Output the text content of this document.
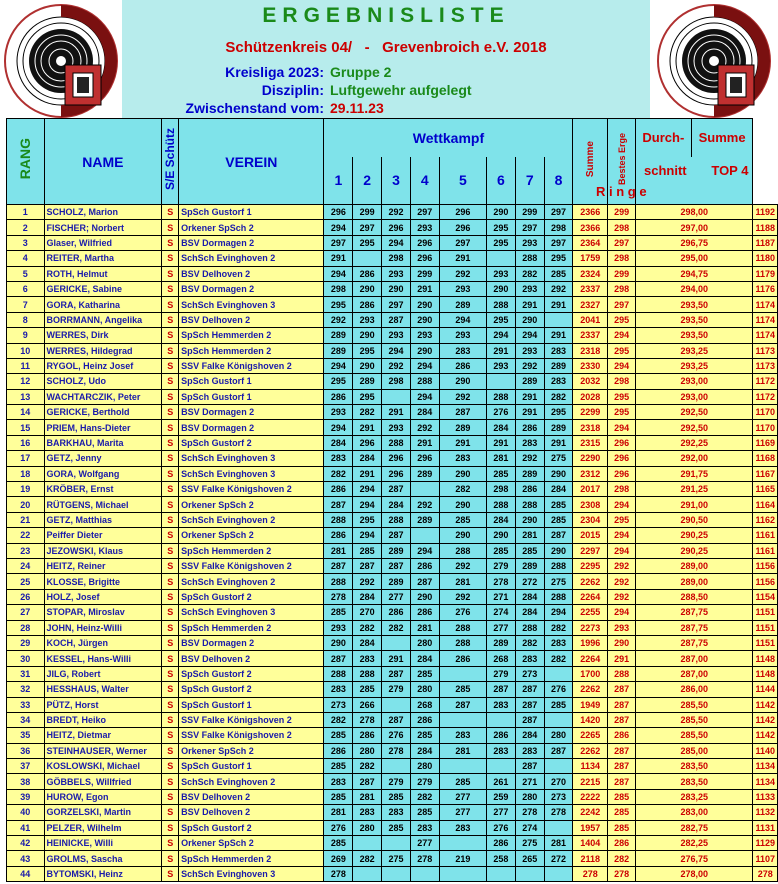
ERGEBNISLISTE
Schützenkreis 04/   -   Grevenbroich e.V. 2018
Kreisliga 2023: Gruppe 2
Disziplin: Luftgewehr aufgelegt
Zwischenstand vom: 29.11.23
RANG	NAME	S/E Schütz	VEREIN	Wettkampf								Summe	Bestes Erge	Durch-	Summe	
				1	2	3	4	5	6	7	8			schnitt TOP 4
R i n g e		

1	SCHOLZ, Marion	S	SpSch Gustorf 1	296	299	292	297	296	290	299	297	2366	299	298,00		1192
2	FISCHER; Norbert	S	Orkener SpSch 2	294	297	296	293	296	295	297	298	2366	298	297,00		1188
3	Glaser, Wilfried	S	BSV Dormagen 2	297	295	294	296	297	295	293	297	2364	297	296,75		1187
4	REITER, Martha	S	SchSch Evinghoven 2	291		298	296	291		288	295	1759	298	295,00		1180
5	ROTH, Helmut	S	BSV Delhoven 2	294	286	293	299	292	293	282	285	2324	299	294,75		1179
6	GERICKE, Sabine	S	BSV Dormagen 2	298	290	290	291	293	290	293	292	2337	298	294,00		1176
7	GORA, Katharina	S	SchSch Evinghoven 3	295	286	297	290	289	288	291	291	2327	297	293,50		1174
8	BORRMANN, Angelika	S	BSV Delhoven 2	292	293	287	290	294	295	290		2041	295	293,50		1174
9	WERRES, Dirk	S	SpSch Hemmerden 2	289	290	293	293	293	294	294	291	2337	294	293,50		1174
10	WERRES, Hildegrad	S	SpSch Hemmerden 2	289	295	294	290	283	291	293	283	2318	295	293,25		1173
11	RYGOL, Heinz Josef	S	SSV Falke Königshoven 2	294	290	292	294	286	293	292	289	2330	294	293,25		1173
12	SCHOLZ, Udo	S	SpSch Gustorf 1	295	289	298	288	290		289	283	2032	298	293,00		1172
13	WACHTARCZIK, Peter	S	SpSch Gustorf 1	286	295		294	292	288	291	282	2028	295	293,00		1172
14	GERICKE, Berthold	S	BSV Dormagen 2	293	282	291	284	287	276	291	295	2299	295	292,50		1170
15	PRIEM, Hans-Dieter	S	BSV Dormagen 2	294	291	293	292	289	284	286	289	2318	294	292,50		1170
16	BARKHAU, Marita	S	SpSch Gustorf 2	284	296	288	291	291	291	283	291	2315	296	292,25		1169
17	GETZ, Jenny	S	SchSch Evinghoven 3	283	284	296	296	283	281	292	275	2290	296	292,00		1168
18	GORA, Wolfgang	S	SchSch Evinghoven 3	282	291	296	289	290	285	289	290	2312	296	291,75		1167
19	KRÖBER, Ernst	S	SSV Falke Königshoven 2	286	294	287		282	298	286	284	2017	298	291,25		1165
20	RÜTGENS, Michael	S	Orkener SpSch 2	287	294	284	292	290	288	288	285	2308	294	291,00		1164
21	GETZ, Matthias	S	SchSch Evinghoven 2	288	295	288	289	285	284	290	285	2304	295	290,50		1162
22	Peiffer Dieter	S	Orkener SpSch 2	286	294	287		290	290	281	287	2015	294	290,25		1161
23	JEZOWSKI, Klaus	S	SpSch Hemmerden 2	281	285	289	294	288	285	285	290	2297	294	290,25		1161
24	HEITZ, Reiner	S	SSV Falke Königshoven 2	287	287	287	286	292	279	289	288	2295	292	289,00		1156
25	KLOSSE, Brigitte	S	SchSch Evinghoven 2	288	292	289	287	281	278	272	275	2262	292	289,00		1156
26	HOLZ, Josef	S	SpSch Gustorf 2	278	284	277	290	292	271	284	288	2264	292	288,50		1154
27	STOPAR, Miroslav	S	SchSch Evinghoven 3	285	270	286	286	276	274	284	294	2255	294	287,75		1151
28	JOHN, Heinz-Willi	S	SpSch Hemmerden 2	293	282	282	281	288	277	288	282	2273	293	287,75		1151
29	KOCH, Jürgen	S	BSV Dormagen 2	290	284		280	288	289	282	283	1996	290	287,75		1151
30	KESSEL, Hans-Willi	S	BSV Delhoven 2	287	283	291	284	286	268	283	282	2264	291	287,00		1148
31	JILG, Robert	S	SpSch Gustorf 2	288	288	287	285		279	273		1700	288	287,00		1148
32	HESSHAUS, Walter	S	SpSch Gustorf 2	283	285	279	280	285	287	287	276	2262	287	286,00		1144
33	PÜTZ, Horst	S	SpSch Gustorf 1	273	266		268	287	283	287	285	1949	287	285,50		1142
34	BREDT, Heiko	S	SSV Falke Königshoven 2	282	278	287	286			287		1420	287	285,50		1142
35	HEITZ, Dietmar	S	SSV Falke Königshoven 2	285	286	276	285	283	286	284	280	2265	286	285,50		1142
36	STEINHAUSER, Werner	S	Orkener SpSch 2	286	280	278	284	281	283	283	287	2262	287	285,00		1140
37	KOSLOWSKI, Michael	S	SpSch Gustorf 1	285	282		280			287		1134	287	283,50		1134
38	GÖBBELS, Willfried	S	SchSch Evinghoven 2	283	287	279	279	285	261	271	270	2215	287	283,50		1134
39	HUROW, Egon	S	BSV Delhoven 2	285	281	285	282	277	259	280	273	2222	285	283,25		1133
40	GORZELSKI, Martin	S	BSV Delhoven 2	281	283	283	285	277	277	278	278	2242	285	283,00		1132
41	PELZER, Wilhelm	S	SpSch Gustorf 2	276	280	285	283	283	276	274		1957	285	282,75		1131
42	HEINICKE, Willi	S	Orkener SpSch 2	285			277		286	275	281	1404	286	282,25		1129
43	GROLMS, Sascha	S	SpSch Hemmerden 2	269	282	275	278	219	258	265	272	2118	282	276,75		1107
44	BYTOMSKI, Heinz	S	SchSch Evinghoven 3	278								278	278	278,00		278
